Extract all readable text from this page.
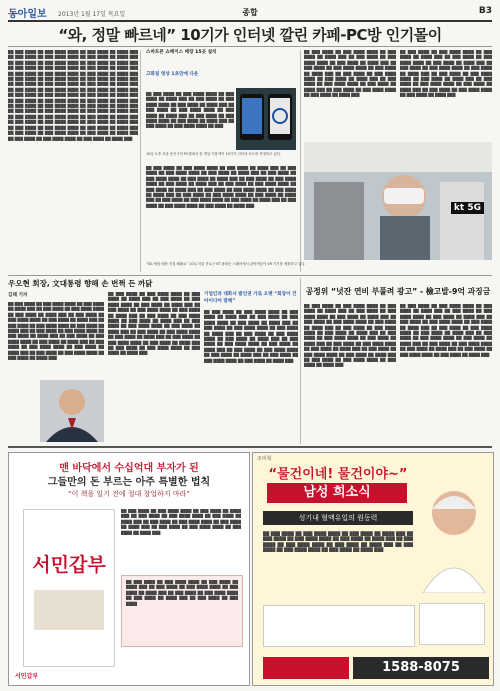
동아일보 2013년 1월 17일 목요일	종합	B3
“와, 정말 빠르네” 10기가 인터넷 깔린 카페-PC방 인기몰이
██ ███ ████ ██ ███ ████ ████ ██ ███ ████ ██ ████ ███ ██ ███ ████ ██ ███ ████ ████ ██ ███ ████ ██ ████ ███ ██ ███ ████ ██ ███ ████ ████ ██ ███ ████ ██ ████ ███ ██ ███ ████ ██ ███ ████ ████ ██ ███ ████ ██ ████ ███ ██ ███ ████ ██ ███ ████ ████ ██ ███ ████ ██ ████ ███ ██ ███ ████ ██ ███ ████ ████ ██ ███ ████ ██ ████ ███ ██ ███ ████ ██ ███ ████ ████ ██ ███ ████ ██ ████ ███ ██ ███ ████ ██ ███ ████ ████ ██ ███ ████ ██ ████ ███ ██ ███ ████ ██ ███ ████ ████ ██ ███ ████ ██ ████ ███ ██ ███ ████ ██ ███ ████ ████ ██ ███ ████ ██ ████ ███ ██ ███ ████ ██ ███ ████ ████ ██ ███ ████ ██ ████ ███ ██ ███ ████ ██ ███ ████ ████ ██ ███ ████ ██ ████ ███ ██ ███ ████ ██ ███ ████ ████ ██ ███ ████ ██ ████ ███ ██ ███ ████ ██ ███ ████ ████ ██ ███ ████ ██ ████ ███ ██ ███ ████ ██ ███ ████ ████ ██ ███ ████ ██ ████ ███ ██ ███ ████ ██ ███ ████ ████ ██ ███ ████ ██ ████ ███ ██ ███ ████ ██ ███ ████ ████ ██ ███ ████ ██ ████ ███
스마트폰 쇼케이스 매장 15곳 설치
고화질 영상 1초만에 다운
██ ███ ████ ██ ███ ████ ████ ██ ███ ████ ██ ████ ███ ██ ███ ████ ██ ███ ████ ████ ██ ███ ████ ██ ████ ███ ██ ███ ████ ██ ███ ████ ████ ██ ███ ████ ██ ████ ███ ██ ███ ████ ██ ███ ████ ████ ██ ███ ████ ██ ████ ███ ██ ███ ████ ██ ███ ████ ████ ██ ███
10일 오후 서울 용산구의 PC방에서 한 게임 이용객이 10기가 인터넷 속도를 측정하고 있다.
██ ███ ████ ██ ███ ████ ████ ██ ███ ████ ██ ████ ███ ██ ███ ████ ██ ███ ████ ████ ██ ███ ████ ██ ████ ███ ██ ███ ████ ██ ███ ████ ████ ██ ███ ████ ██ ████ ███ ██ ███ ████ ██ ███ ████ ████ ██ ███ ████ ██ ████ ███ ██ ███ ████ ██ ███ ████ ████ ██ ███ ████ ██ ████ ███ ██ ███ ████ ██ ███ ████ ████ ██ ███ ████ ██ ████ ███ ██ ███ ████ ██ ███ ████ ████ ██ ███ ████ ██ ████ ███ ██ ███ ████ ██ ███ ████ ████ ██ ███ ████ ██ ████ ███ ██ ███ ████ ██ ███ ████ ████ ██ ███ ████ ██ ████ ███
██ ███ ████ ██ ███ ████ ████ ██ ███ ████ ██ ████ ███ ██ ███ ████ ██ ███ ████ ████ ██ ███ ████ ██ ████ ███ ██ ███ ████ ██ ███ ████ ████ ██ ███ ████ ██ ████ ███ ██ ███ ████ ██ ███ ████ ████ ██ ███ ████ ██ ████ ███ ██ ███ ████ ██ ███ ████ ████ ██ ███ ████ ██ ████ ███ ██ ███ ████ ██ ███ ████ ████ ██ ███ ████ ██ ████ ███
██ ███ ████ ██ ███ ████ ████ ██ ███ ████ ██ ████ ███ ██ ███ ████ ██ ███ ████ ████ ██ ███ ████ ██ ████ ███ ██ ███ ████ ██ ███ ████ ████ ██ ███ ████ ██ ████ ███ ██ ███ ████ ██ ███ ████ ████ ██ ███ ████ ██ ████ ███ ██ ███ ████ ██ ███ ████ ████ ██ ███ ████ ██ ████ ███ ██ ███ ████ ██ ███ ████ ████ ██ ███ ████ ██ ████ ███
kt 5G
“5G 체험 매장 직접 해봐요” 10일 서울 종로구 KT 광화문 스퀘어에서 관람객들이 VR 기기를 체험하고 있다.
우오현 회장, 文대통령 향해 손 번쩍 든 까닭
김태 기자
██ ███ ████ ██ ███ ████ ████ ██ ███ ████ ██ ████ ███ ██ ███ ████ ██ ███ ████ ████ ██ ███ ████ ██ ████ ███ ██ ███ ████ ██ ███ ████ ████ ██ ███ ████ ██ ████ ███ ██ ███ ████ ██ ███ ████ ████ ██ ███ ████ ██ ████ ███ ██ ███ ████ ██ ███ ████ ████ ██ ███ ████ ██ ████ ███ ██ ███ ████ ██ ███ ████ ████ ██ ███ ████ ██ ████ ███ ██ ███ ████ ██ ███ ████ ████ ██ ███ ████ ██ ████ ███ ██ ███ ████ ██ ███ ████ ████ ██ ███ ████ ██ ████ ███
██ ███ ████ ██ ███ ████ ████ ██ ███ ████ ██ ████ ███ ██ ███ ████ ██ ███ ████ ████ ██ ███ ████ ██ ████ ███ ██ ███ ████ ██ ███ ████ ████ ██ ███ ████ ██ ████ ███ ██ ███ ████ ██ ███ ████ ████ ██ ███ ████ ██ ████ ███ ██ ███ ████ ██ ███ ████ ████ ██ ███ ████ ██ ████ ███ ██ ███ ████ ██ ███ ████ ████ ██ ███ ████ ██ ████ ███ ██ ███ ████ ██ ███ ████ ████ ██ ███ ████ ██ ████ ███ ██ ███ ████ ██ ███ ████ ████ ██ ███ ████ ██ ████ ███
기업인과 대화서 발언권 가로 오랫 “회장이 건 아이디어 말해”
██ ███ ████ ██ ███ ████ ████ ██ ███ ████ ██ ████ ███ ██ ███ ████ ██ ███ ████ ████ ██ ███ ████ ██ ████ ███ ██ ███ ████ ██ ███ ████ ████ ██ ███ ████ ██ ████ ███ ██ ███ ████ ██ ███ ████ ████ ██ ███ ████ ██ ████ ███ ██ ███ ████ ██ ███ ████ ████ ██ ███ ████ ██ ████ ███ ██ ███ ████ ██ ███ ████ ████ ██ ███ ████ ██ ████ ███ ██ ███ ████ ██ ███ ████ ████ ██ ███ ████ ██ ████ ███
공정위 “넛잔 연비 부풀려 광고” - 檢고발-9억 과징금
██ ███ ████ ██ ███ ████ ████ ██ ███ ████ ██ ████ ███ ██ ███ ████ ██ ███ ████ ████ ██ ███ ████ ██ ████ ███ ██ ███ ████ ██ ███ ████ ████ ██ ███ ████ ██ ████ ███ ██ ███ ████ ██ ███ ████ ████ ██ ███ ████ ██ ████ ███ ██ ███ ████ ██ ███ ████ ████ ██ ███ ████ ██ ████ ███ ██ ███ ████ ██ ███ ████ ████ ██ ███ ████ ██ ████ ███ ██ ███ ████ ██ ███ ████ ████ ██ ███ ████ ██ ████ ███ ██ ███ ████ ██ ███ ████ ████ ██ ███ ████ ██ ████ ███
██ ███ ████ ██ ███ ████ ████ ██ ███ ████ ██ ████ ███ ██ ███ ████ ██ ███ ████ ████ ██ ███ ████ ██ ████ ███ ██ ███ ████ ██ ███ ████ ████ ██ ███ ████ ██ ████ ███ ██ ███ ████ ██ ███ ████ ████ ██ ███ ████ ██ ████ ███ ██ ███ ████ ██ ███ ████ ████ ██ ███ ████ ██ ████ ███ ██ ███ ████ ██ ███ ████ ████ ██ ███ ████ ██ ████ ███ ██ ███ ████ ██ ███ ████ ████ ██ ███ ████ ██ ████ ███
맨 바닥에서 수십억대 부자가 된
그들만의 돈 부르는 아주 특별한 법칙
“이 책을 일기 전에 절대 창업하지 마라”
서민갑부
██ ███ ████ ██ ███ ████ ████ ██ ███ ████ ██ ████ ███ ██ ███ ████ ██ ███ ████ ████ ██ ███ ████ ██ ████ ███ ██ ███ ████ ██ ███ ████ ████ ██ ███ ████ ██ ████ ███ ██ ███ ████ ██ ███ ████ ████ ██ ███ ████ ██ ████ ███
██ ███ ████ ██ ███ ████ ████ ██ ███ ████ ██ ████ ███ ██ ███ ████ ██ ███ ████ ████ ██ ███ ████ ██ ████ ███ ██ ███ ████ ██ ███ ████ ████ ██ ███ ████ ██ ████ ███ ██ ███ ████ ██ ███ ████
서민갑부
조미혁
“물건이네! 물건이야~”
남성 희소식
성기내 혈액유입의 원동력
██ ███ ████ ██ ███ ████ ████ ██ ███ ████ ██ ████ ███ ██ ███ ████ ██ ███ ████ ████ ██ ███ ████ ██ ████ ███ ██ ███ ████ ██ ███ ████ ████ ██ ███ ████ ██ ████ ███ ██ ███ ████ ██ ███ ████ ████ ██ ███ ████ ██ ████ ███
1588-8075
